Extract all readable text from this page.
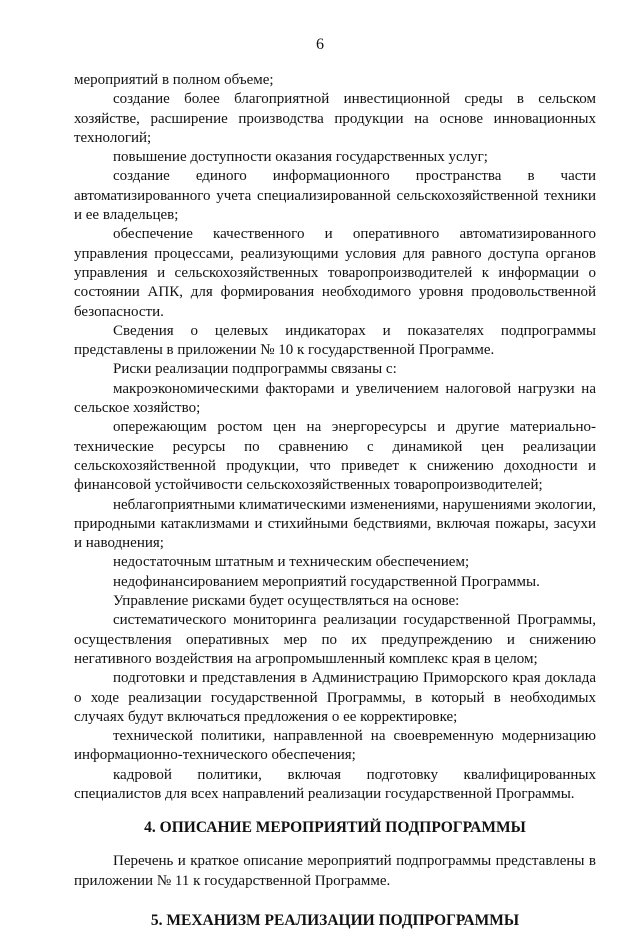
6

мероприятий в полном объеме;

создание более благоприятной инвестиционной среды в сельском хозяйстве, расширение производства продукции на основе инновационных технологий;

повышение доступности оказания государственных услуг;

создание единого информационного пространства в части автоматизированного учета специализированной сельскохозяйственной техники и ее владельцев;

обеспечение качественного и оперативного автоматизированного управления процессами, реализующими условия для равного доступа органов управления и сельскохозяйственных товаропроизводителей к информации о состоянии АПК, для формирования необходимого уровня продовольственной безопасности.

Сведения о целевых индикаторах и показателях подпрограммы представлены в приложении № 10 к государственной Программе.

Риски реализации подпрограммы связаны с:

макроэкономическими факторами и увеличением налоговой нагрузки на сельское хозяйство;

опережающим ростом цен на энергоресурсы и другие материально-технические ресурсы по сравнению с динамикой цен реализации сельскохозяйственной продукции, что приведет к снижению доходности и финансовой устойчивости сельскохозяйственных товаропроизводителей;

неблагоприятными климатическими изменениями, нарушениями экологии, природными катаклизмами и стихийными бедствиями, включая пожары, засухи и наводнения;

недостаточным штатным и техническим обеспечением;

недофинансированием мероприятий государственной Программы.

Управление рисками будет осуществляться на основе:

систематического мониторинга реализации государственной Программы, осуществления оперативных мер по их предупреждению и снижению негативного воздействия на агропромышленный комплекс края в целом;

подготовки и представления в Администрацию Приморского края доклада о ходе реализации государственной Программы, в который в необходимых случаях будут включаться предложения о ее корректировке;

технической политики, направленной на своевременную модернизацию информационно-технического обеспечения;

кадровой политики, включая подготовку квалифицированных специалистов для всех направлений реализации государственной Программы.

4. ОПИСАНИЕ МЕРОПРИЯТИЙ ПОДПРОГРАММЫ

Перечень и краткое описание мероприятий подпрограммы представлены в приложении № 11 к государственной Программе.

5. МЕХАНИЗМ РЕАЛИЗАЦИИ ПОДПРОГРАММЫ
